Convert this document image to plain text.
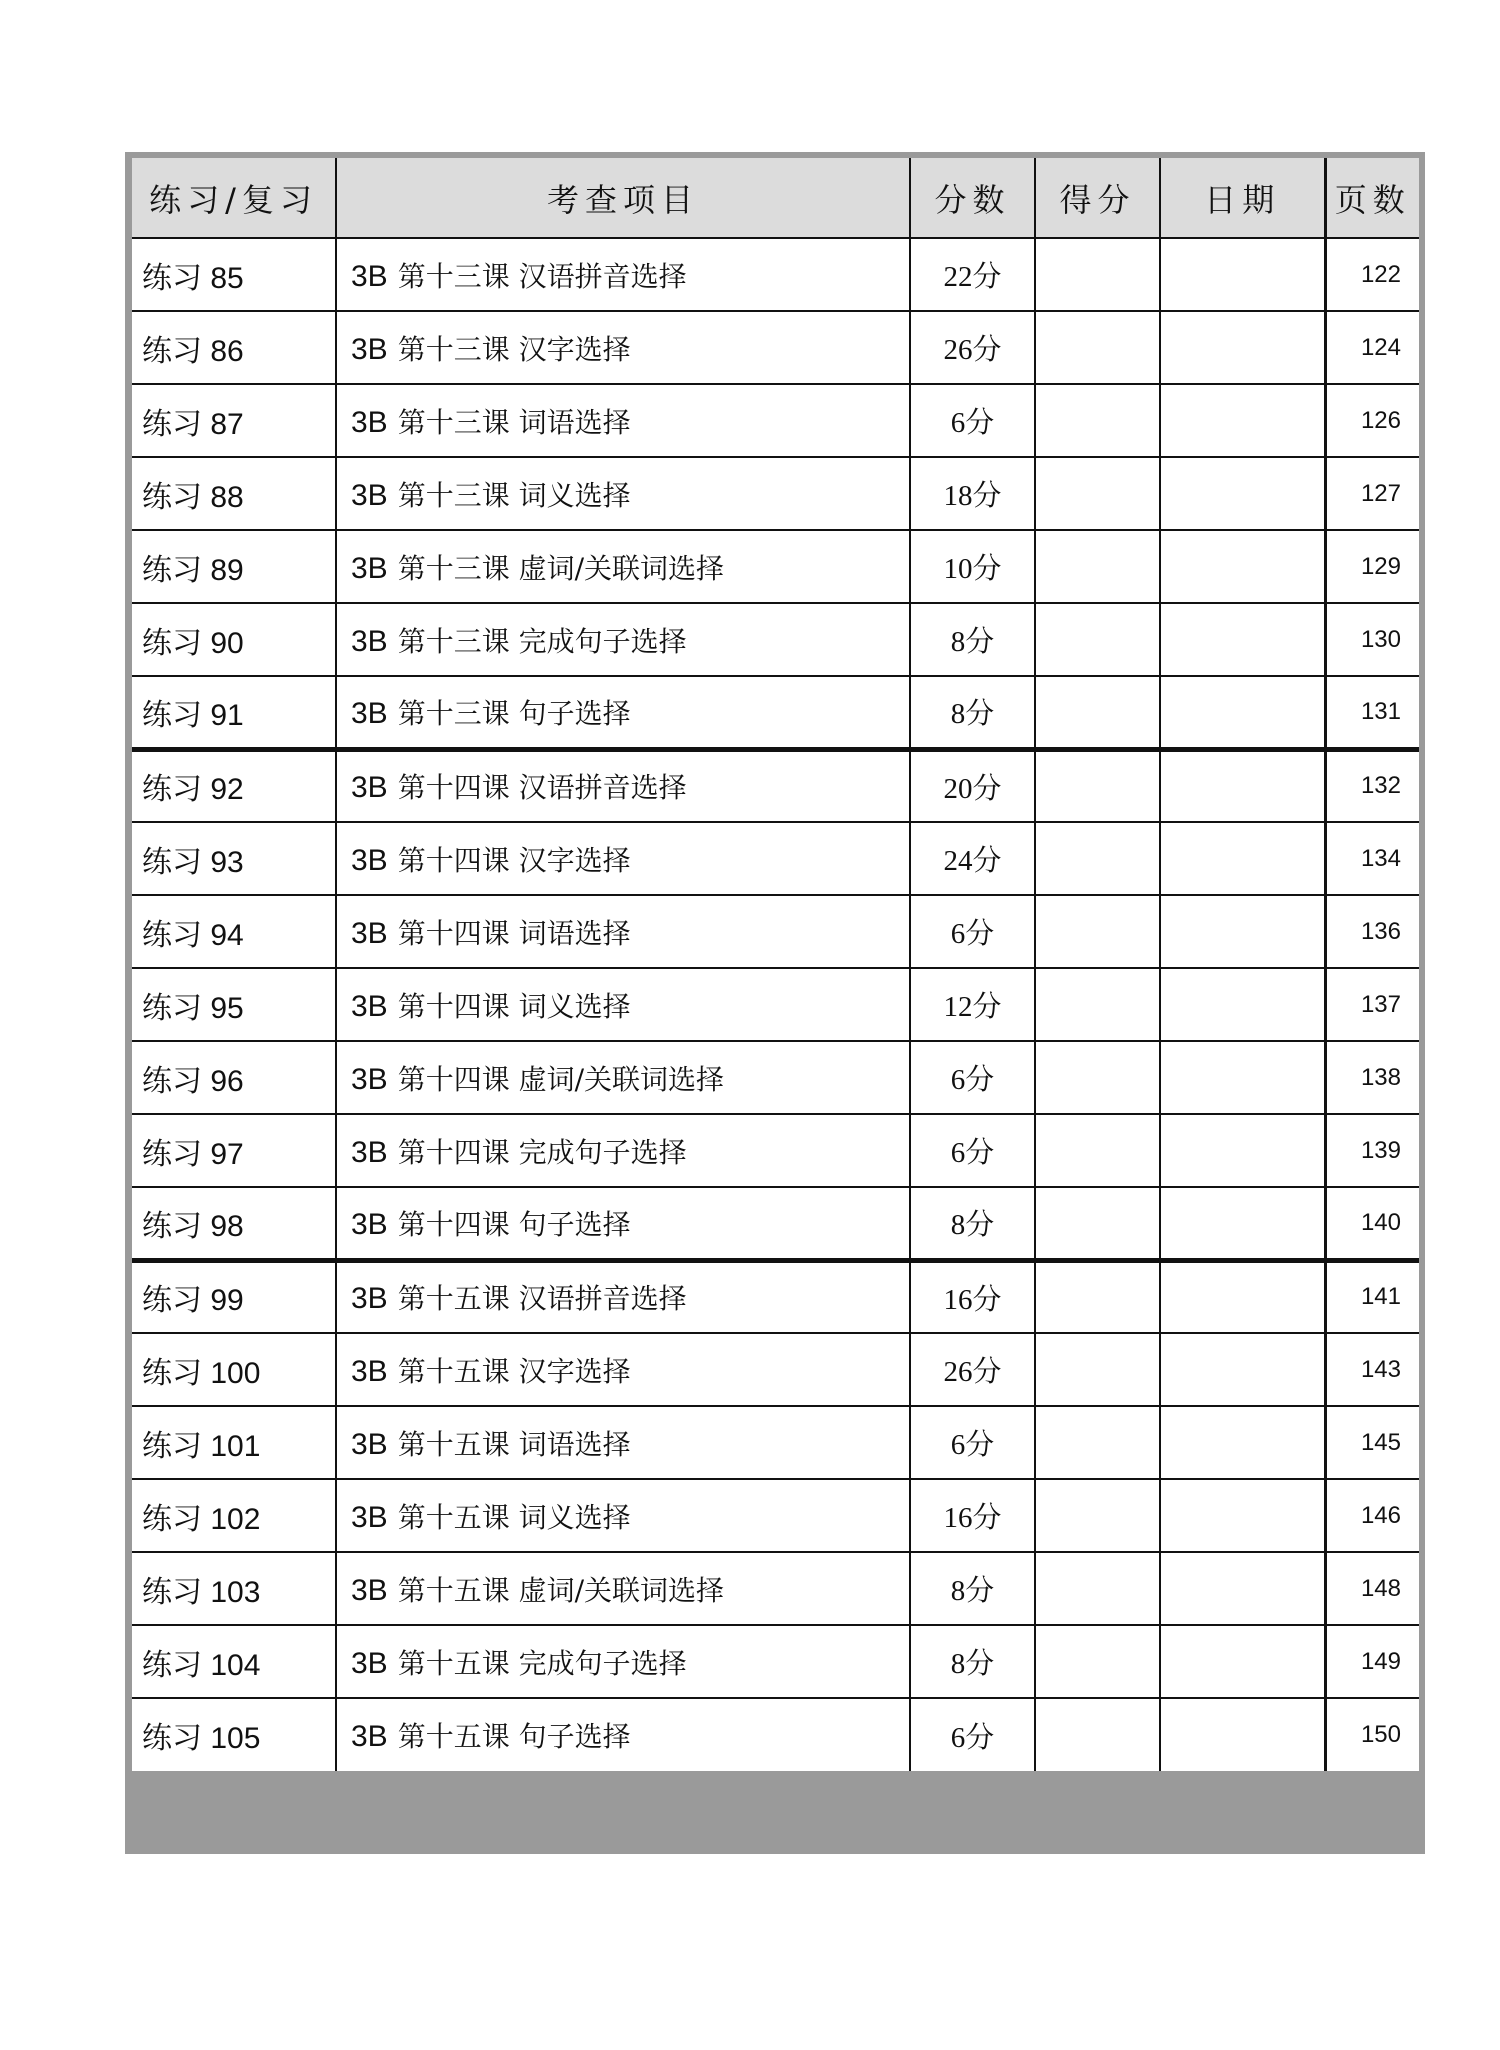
练习/复习	考查项目	分数	得分	日期	页数
练习 85	3B 第十三课 汉语拼音选择	22分			122
练习 86	3B 第十三课 汉字选择	26分			124
练习 87	3B 第十三课 词语选择	6分			126
练习 88	3B 第十三课 词义选择	18分			127
练习 89	3B 第十三课 虚词/关联词选择	10分			129
练习 90	3B 第十三课 完成句子选择	8分			130
练习 91	3B 第十三课 句子选择	8分			131
练习 92	3B 第十四课 汉语拼音选择	20分			132
练习 93	3B 第十四课 汉字选择	24分			134
练习 94	3B 第十四课 词语选择	6分			136
练习 95	3B 第十四课 词义选择	12分			137
练习 96	3B 第十四课 虚词/关联词选择	6分			138
练习 97	3B 第十四课 完成句子选择	6分			139
练习 98	3B 第十四课 句子选择	8分			140
练习 99	3B 第十五课 汉语拼音选择	16分			141
练习 100	3B 第十五课 汉字选择	26分			143
练习 101	3B 第十五课 词语选择	6分			145
练习 102	3B 第十五课 词义选择	16分			146
练习 103	3B 第十五课 虚词/关联词选择	8分			148
练习 104	3B 第十五课 完成句子选择	8分			149
练习 105	3B 第十五课 句子选择	6分			150
